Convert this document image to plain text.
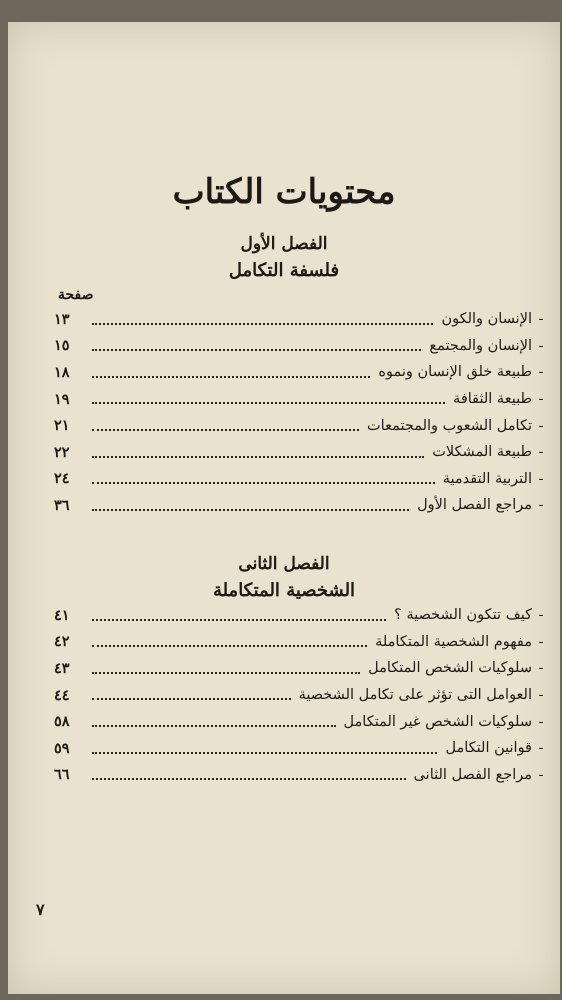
محتويات الكتاب
الفصل الأول
فلسفة التكامل
صفحة
-
الإنسان والكون
١٣
-
الإنسان والمجتمع
١٥
-
طبيعة خلق الإنسان ونموه
١٨
-
طبيعة الثقافة
١٩
-
تكامل الشعوب والمجتمعات
٢١
-
طبيعة المشكلات
٢٢
-
التربية التقدمية
٢٤
-
مراجع الفصل الأول
٣٦
الفصل الثانى
الشخصية المتكاملة
-
كيف تتكون الشخصية ؟
٤١
-
مفهوم الشخصية المتكاملة
٤٢
-
سلوكيات الشخص المتكامل
٤٣
-
العوامل التى تؤثر على تكامل الشخصية
٤٤
-
سلوكيات الشخص غير المتكامل
٥٨
-
قوانين التكامل
٥٩
-
مراجع الفصل الثانى
٦٦
٧
